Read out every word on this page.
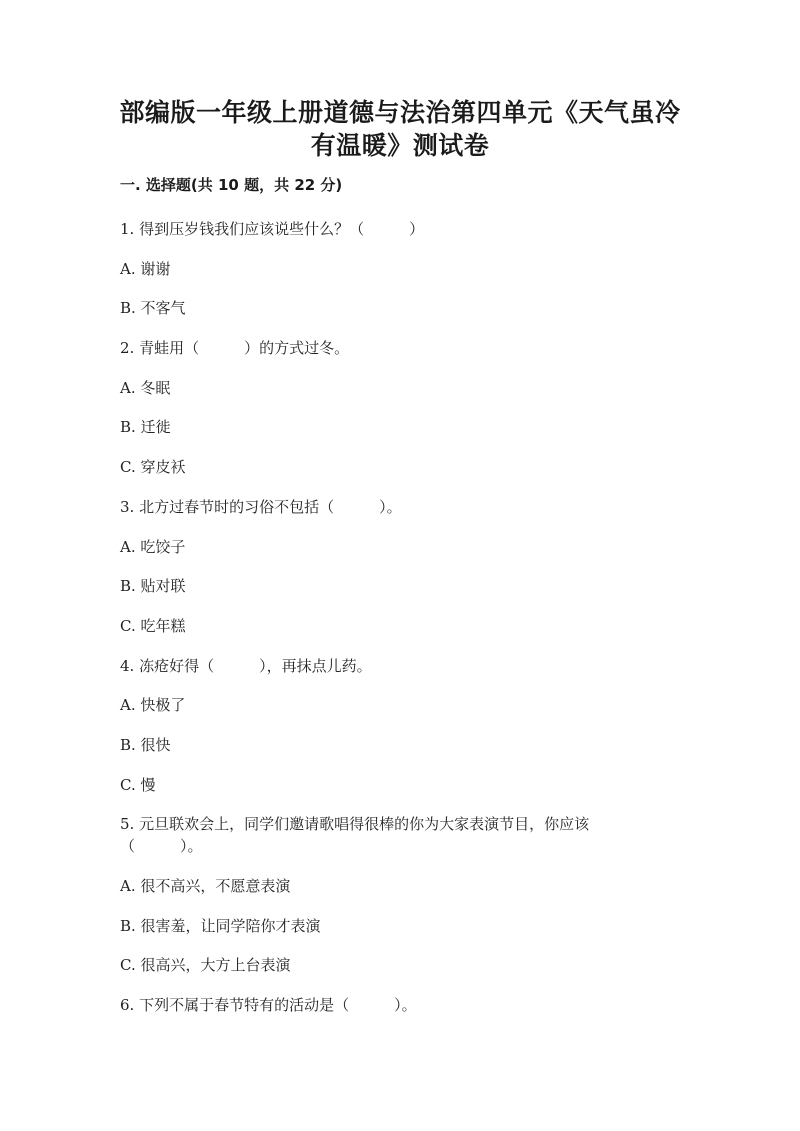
部编版一年级上册道德与法治第四单元《天气虽冷
有温暖》测试卷
一. 选择题(共 10 题，共 22 分)
1. 得到压岁钱我们应该说些什么？（　　　）
A. 谢谢
B. 不客气
2. 青蛙用（　　　）的方式过冬。
A. 冬眠
B. 迁徙
C. 穿皮袄
3. 北方过春节时的习俗不包括（　　　）。
A. 吃饺子
B. 贴对联
C. 吃年糕
4. 冻疮好得（　　　），再抹点儿药。
A. 快极了
B. 很快
C. 慢
5. 元旦联欢会上，同学们邀请歌唱得很棒的你为大家表演节目，你应该
（　　　）。
A. 很不高兴，不愿意表演
B. 很害羞，让同学陪你才表演
C. 很高兴，大方上台表演
6. 下列不属于春节特有的活动是（　　　）。
